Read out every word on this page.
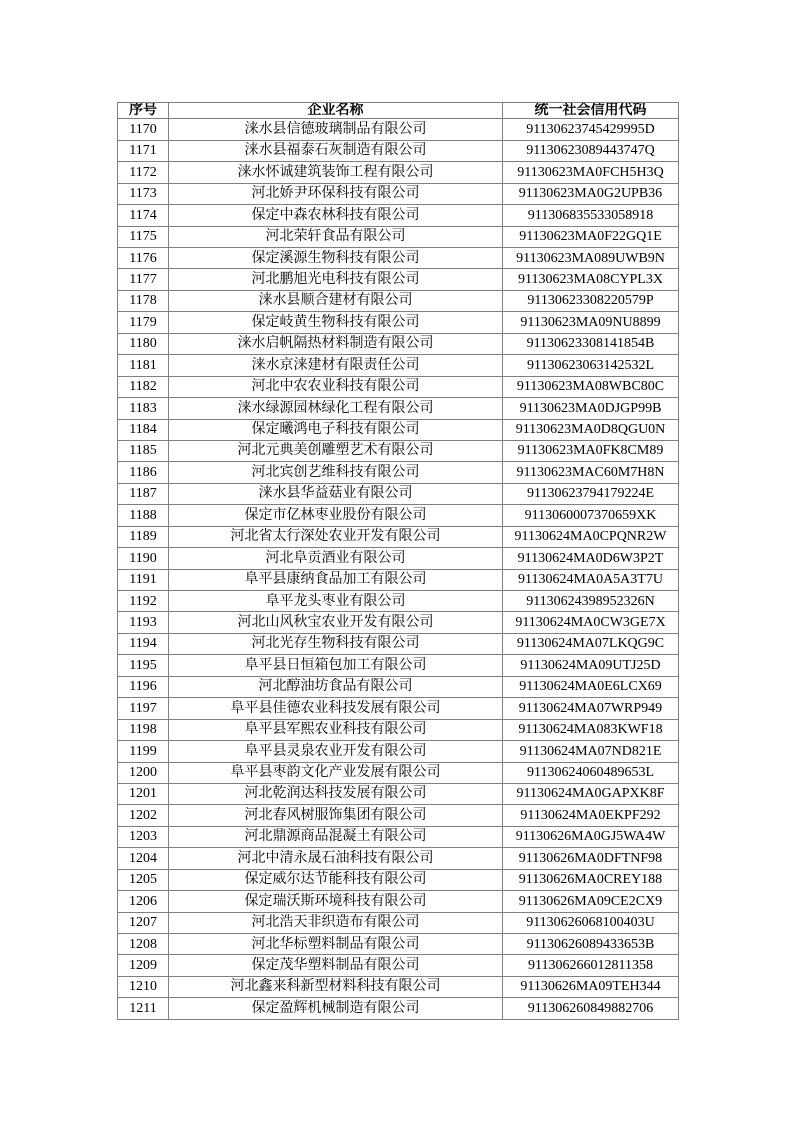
序号	企业名称	统一社会信用代码
1170	涞水县信德玻璃制品有限公司	91130623745429995D
1171	涞水县福泰石灰制造有限公司	91130623089443747Q
1172	涞水怀诚建筑装饰工程有限公司	91130623MA0FCH5H3Q
1173	河北娇尹环保科技有限公司	91130623MA0G2UPB36
1174	保定中森农林科技有限公司	911306835533058918
1175	河北荣轩食品有限公司	91130623MA0F22GQ1E
1176	保定溪源生物科技有限公司	91130623MA089UWB9N
1177	河北鹏旭光电科技有限公司	91130623MA08CYPL3X
1178	涞水县顺合建材有限公司	91130623308220579P
1179	保定岐黄生物科技有限公司	91130623MA09NU8899
1180	涞水启帆隔热材料制造有限公司	91130623308141854B
1181	涞水京涞建材有限责任公司	91130623063142532L
1182	河北中农农业科技有限公司	91130623MA08WBC80C
1183	涞水绿源园林绿化工程有限公司	91130623MA0DJGP99B
1184	保定曦鸿电子科技有限公司	91130623MA0D8QGU0N
1185	河北元典美创雕塑艺术有限公司	91130623MA0FK8CM89
1186	河北宾创艺维科技有限公司	91130623MAC60M7H8N
1187	涞水县华益菇业有限公司	91130623794179224E
1188	保定市亿林枣业股份有限公司	9113060007370659XK
1189	河北省太行深处农业开发有限公司	91130624MA0CPQNR2W
1190	河北阜贡酒业有限公司	91130624MA0D6W3P2T
1191	阜平县康纳食品加工有限公司	91130624MA0A5A3T7U
1192	阜平龙头枣业有限公司	91130624398952326N
1193	河北山风秋宝农业开发有限公司	91130624MA0CW3GE7X
1194	河北光存生物科技有限公司	91130624MA07LKQG9C
1195	阜平县日恒箱包加工有限公司	91130624MA09UTJ25D
1196	河北醇油坊食品有限公司	91130624MA0E6LCX69
1197	阜平县佳德农业科技发展有限公司	91130624MA07WRP949
1198	阜平县军熙农业科技有限公司	91130624MA083KWF18
1199	阜平县灵泉农业开发有限公司	91130624MA07ND821E
1200	阜平县枣韵文化产业发展有限公司	91130624060489653L
1201	河北乾润达科技发展有限公司	91130624MA0GAPXK8F
1202	河北春风树服饰集团有限公司	91130624MA0EKPF292
1203	河北鼎源商品混凝土有限公司	91130626MA0GJ5WA4W
1204	河北中清永晟石油科技有限公司	91130626MA0DFTNF98
1205	保定威尔达节能科技有限公司	91130626MA0CREY188
1206	保定瑞沃斯环境科技有限公司	91130626MA09CE2CX9
1207	河北浩天非织造布有限公司	91130626068100403U
1208	河北华标塑料制品有限公司	91130626089433653B
1209	保定茂华塑料制品有限公司	911306266012811358
1210	河北鑫来科新型材料科技有限公司	91130626MA09TEH344
1211	保定盈辉机械制造有限公司	911306260849882706
